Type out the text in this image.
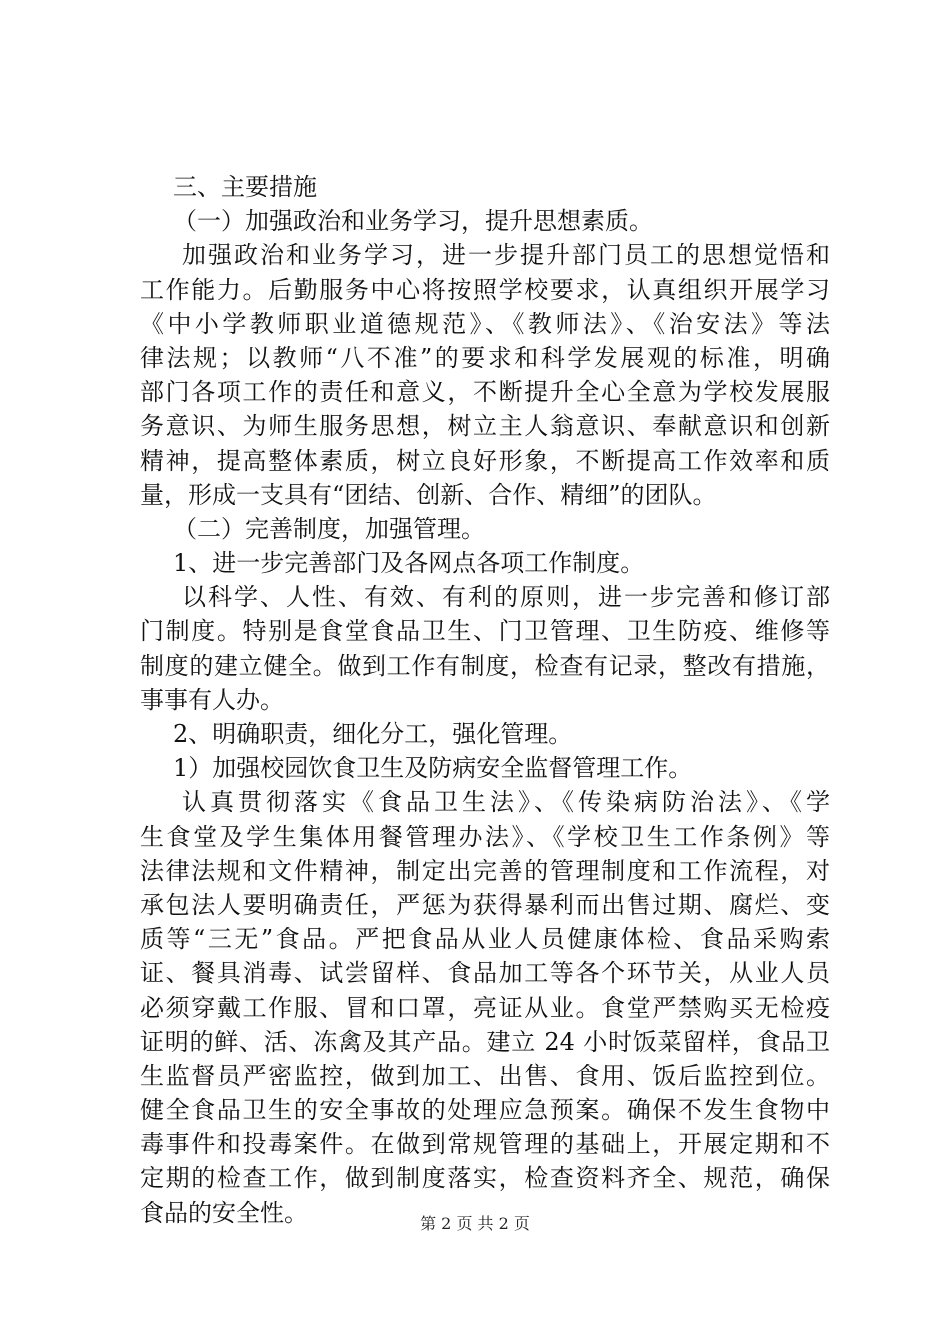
三、主要措施
（一）加强政治和业务学习，提升思想素质。
加强政治和业务学习，进一步提升部门员工的思想觉悟和
工作能力。后勤服务中心将按照学校要求，认真组织开展学习
《中小学教师职业道德规范》、《教师法》、《治安法》等法
律法规；以教师“八不准”的要求和科学发展观的标准，明确
部门各项工作的责任和意义，不断提升全心全意为学校发展服
务意识、为师生服务思想，树立主人翁意识、奉献意识和创新
精神，提高整体素质，树立良好形象，不断提高工作效率和质
量，形成一支具有“团结、创新、合作、精细”的团队。
（二）完善制度，加强管理。
1、进一步完善部门及各网点各项工作制度。
以科学、人性、有效、有利的原则，进一步完善和修订部
门制度。特别是食堂食品卫生、门卫管理、卫生防疫、维修等
制度的建立健全。做到工作有制度，检查有记录，整改有措施，
事事有人办。
2、明确职责，细化分工，强化管理。
1）加强校园饮食卫生及防病安全监督管理工作。
认真贯彻落实《食品卫生法》、《传染病防治法》、《学
生食堂及学生集体用餐管理办法》、《学校卫生工作条例》等
法律法规和文件精神，制定出完善的管理制度和工作流程，对
承包法人要明确责任，严惩为获得暴利而出售过期、腐烂、变
质等“三无”食品。严把食品从业人员健康体检、食品采购索
证、餐具消毒、试尝留样、食品加工等各个环节关，从业人员
必须穿戴工作服、冒和口罩，亮证从业。食堂严禁购买无检疫
证明的鲜、活、冻禽及其产品。建立 24 小时饭菜留样，食品卫
生监督员严密监控，做到加工、出售、食用、饭后监控到位。
健全食品卫生的安全事故的处理应急预案。确保不发生食物中
毒事件和投毒案件。在做到常规管理的基础上，开展定期和不
定期的检查工作，做到制度落实，检查资料齐全、规范，确保
食品的安全性。	第 2 页 共 2 页
